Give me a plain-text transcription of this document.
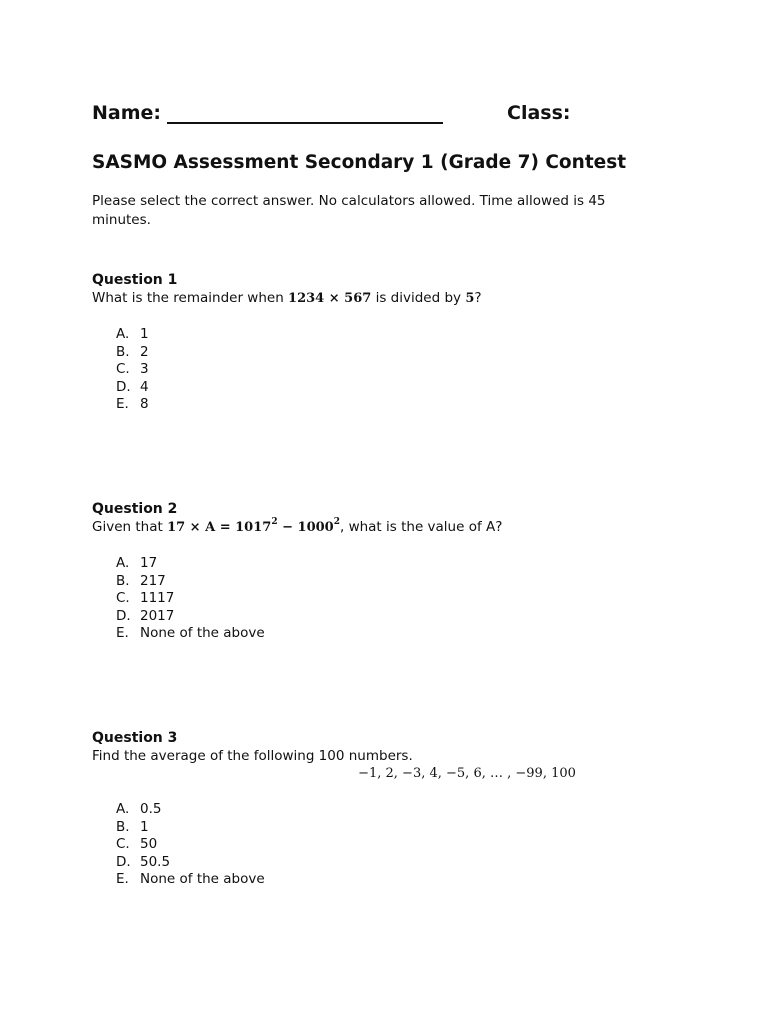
Name:	Class:
SASMO Assessment Secondary 1 (Grade 7) Contest
Please select the correct answer. No calculators allowed. Time allowed is 45 minutes.

Question 1

What is the remainder when 1234 × 567 is divided by 5?

A. 1
B. 2
C. 3
D. 4
E. 8

Question 2

Given that $17 \times A = 1017^2 - 1000^2$, what is the value of A?

A. 17
B. 217
C. 1117
D. 2017
E. None of the above

Question 3

Find the average of the following 100 numbers.

−1, 2, −3, 4, −5, 6, … , −99, 100
A. 0.5
B. 1
C. 50
D. 50.5
E. None of the above
